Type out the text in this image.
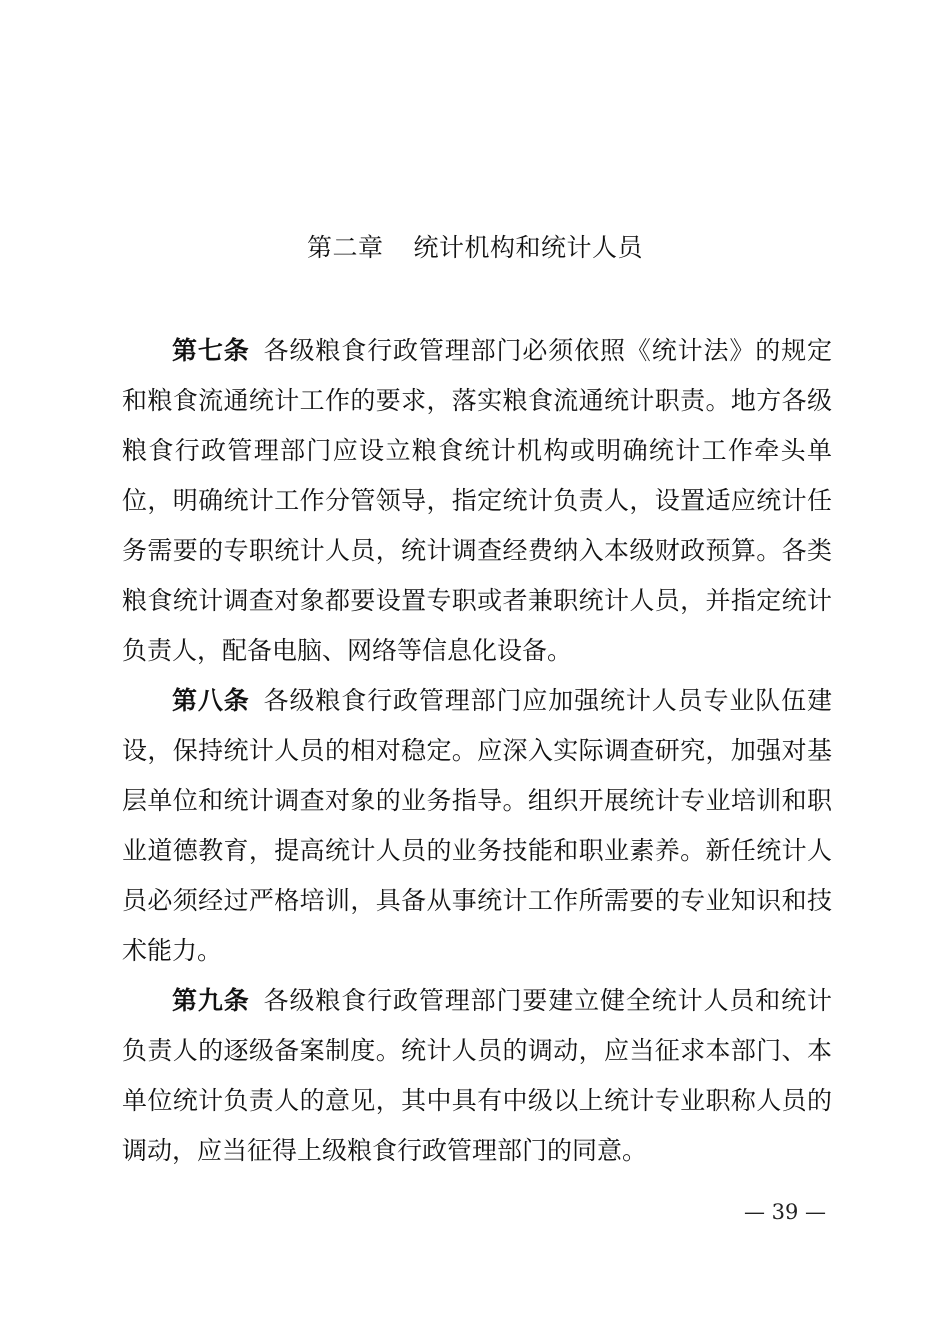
第二章 统计机构和统计人员

第七条 各级粮食行政管理部门必须依照《统计法》的规定和粮食流通统计工作的要求，落实粮食流通统计职责。地方各级粮食行政管理部门应设立粮食统计机构或明确统计工作牵头单位，明确统计工作分管领导，指定统计负责人，设置适应统计任务需要的专职统计人员，统计调查经费纳入本级财政预算。各类粮食统计调查对象都要设置专职或者兼职统计人员，并指定统计负责人，配备电脑、网络等信息化设备。

第八条 各级粮食行政管理部门应加强统计人员专业队伍建设，保持统计人员的相对稳定。应深入实际调查研究，加强对基层单位和统计调查对象的业务指导。组织开展统计专业培训和职业道德教育，提高统计人员的业务技能和职业素养。新任统计人员必须经过严格培训，具备从事统计工作所需要的专业知识和技术能力。

第九条 各级粮食行政管理部门要建立健全统计人员和统计负责人的逐级备案制度。统计人员的调动，应当征求本部门、本单位统计负责人的意见，其中具有中级以上统计专业职称人员的调动，应当征得上级粮食行政管理部门的同意。

— 39 —
